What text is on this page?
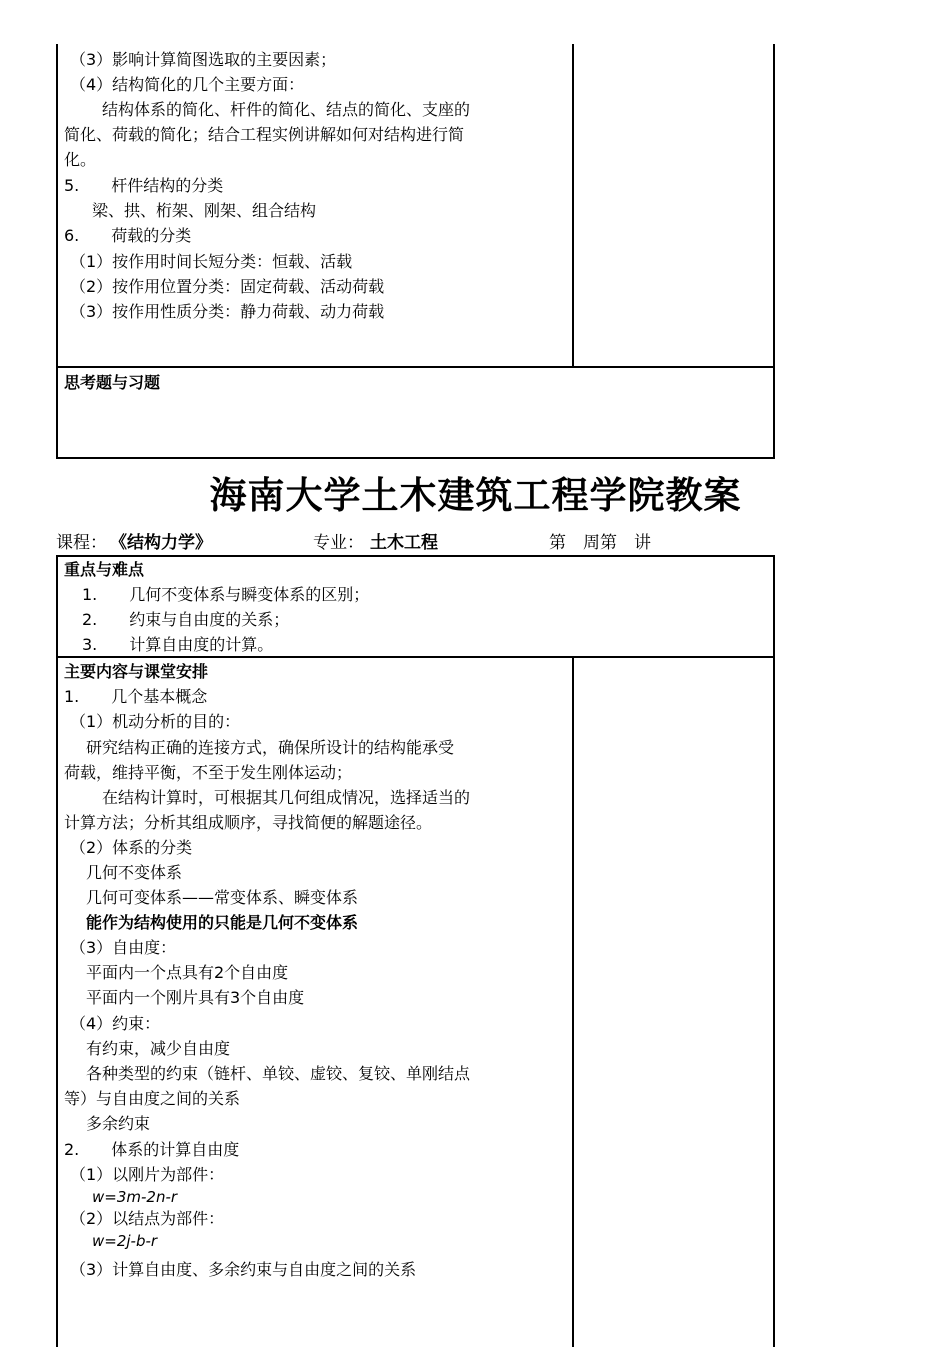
（3）影响计算简图选取的主要因素；
（4）结构简化的几个主要方面：
　　结构体系的简化、杆件的简化、结点的简化、支座的
简化、荷载的简化；结合工程实例讲解如何对结构进行简
化。
5.　　杆件结构的分类
　梁、拱、桁架、刚架、组合结构
6.　　荷载的分类
（1）按作用时间长短分类：恒载、活载
（2）按作用位置分类：固定荷载、活动荷载
（3）按作用性质分类：静力荷载、动力荷载
思考题与习题
海南大学土木建筑工程学院教案
课程： 《结构力学》	专业： 土木工程	第　周第　讲
重点与难点
1.　　几何不变体系与瞬变体系的区别；
2.　　约束与自由度的关系；
3.　　计算自由度的计算。
主要内容与课堂安排
1.　　几个基本概念
（1）机动分析的目的：
　研究结构正确的连接方式，确保所设计的结构能承受
荷载，维持平衡，不至于发生刚体运动；
　　在结构计算时，可根据其几何组成情况，选择适当的
计算方法；分析其组成顺序，寻找简便的解题途径。
（2）体系的分类
　几何不变体系
　几何可变体系——常变体系、瞬变体系
　能作为结构使用的只能是几何不变体系
（3）自由度：
　平面内一个点具有2个自由度
　平面内一个刚片具有3个自由度
（4）约束：
　有约束，减少自由度
　各种类型的约束（链杆、单铰、虚铰、复铰、单刚结点
等）与自由度之间的关系
　多余约束
2.　　体系的计算自由度
（1）以刚片为部件：
w=3m-2n-r
（2）以结点为部件：
w=2j-b-r
（3）计算自由度、多余约束与自由度之间的关系
